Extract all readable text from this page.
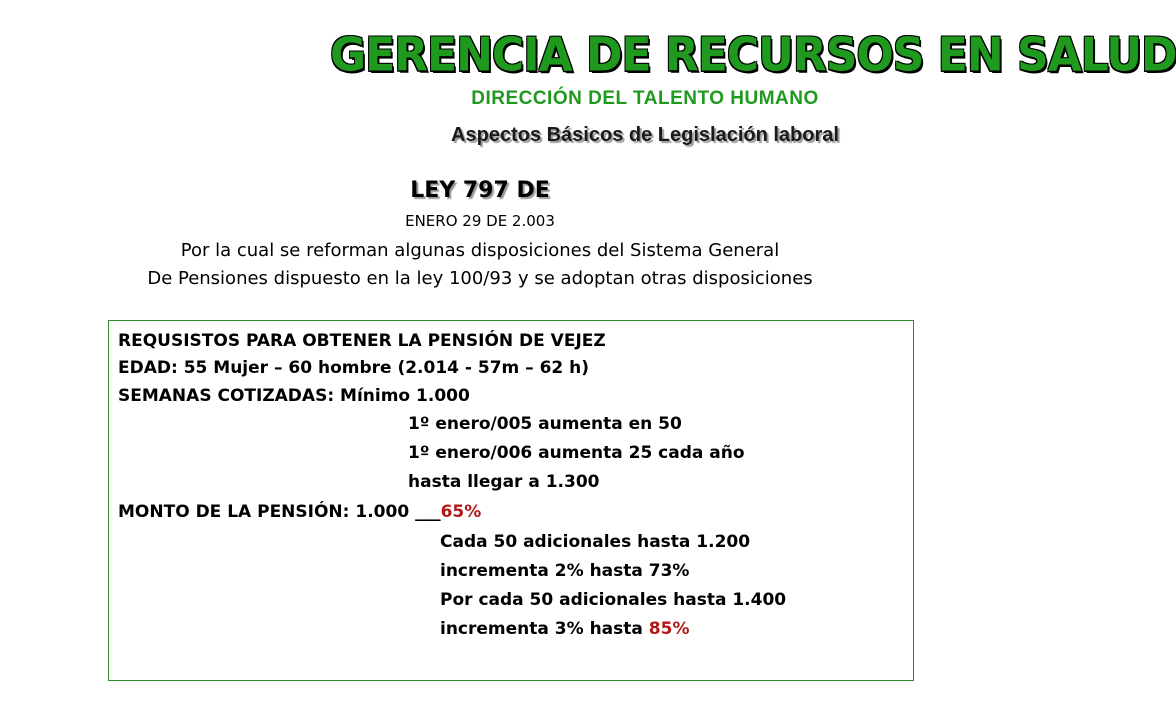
GERENCIA DE RECURSOS EN SALUD
DIRECCIÓN DEL TALENTO HUMANO
Aspectos Básicos de Legislación laboral
LEY 797 DE
ENERO 29 DE 2.003
Por la cual se reforman algunas disposiciones del Sistema General
De Pensiones dispuesto en la ley 100/93 y se adoptan otras disposiciones
REQUSISTOS PARA OBTENER LA PENSIÓN DE VEJEZ
EDAD: 55 Mujer – 60 hombre (2.014 - 57m – 62 h)
SEMANAS COTIZADAS: Mínimo 1.000
1º enero/005 aumenta en 50
1º enero/006 aumenta 25 cada año
hasta llegar a 1.300
MONTO DE LA PENSIÓN: 1.000 ___65%
Cada 50 adicionales hasta 1.200
incrementa 2% hasta 73%
Por cada 50 adicionales hasta 1.400
incrementa 3% hasta 85%
